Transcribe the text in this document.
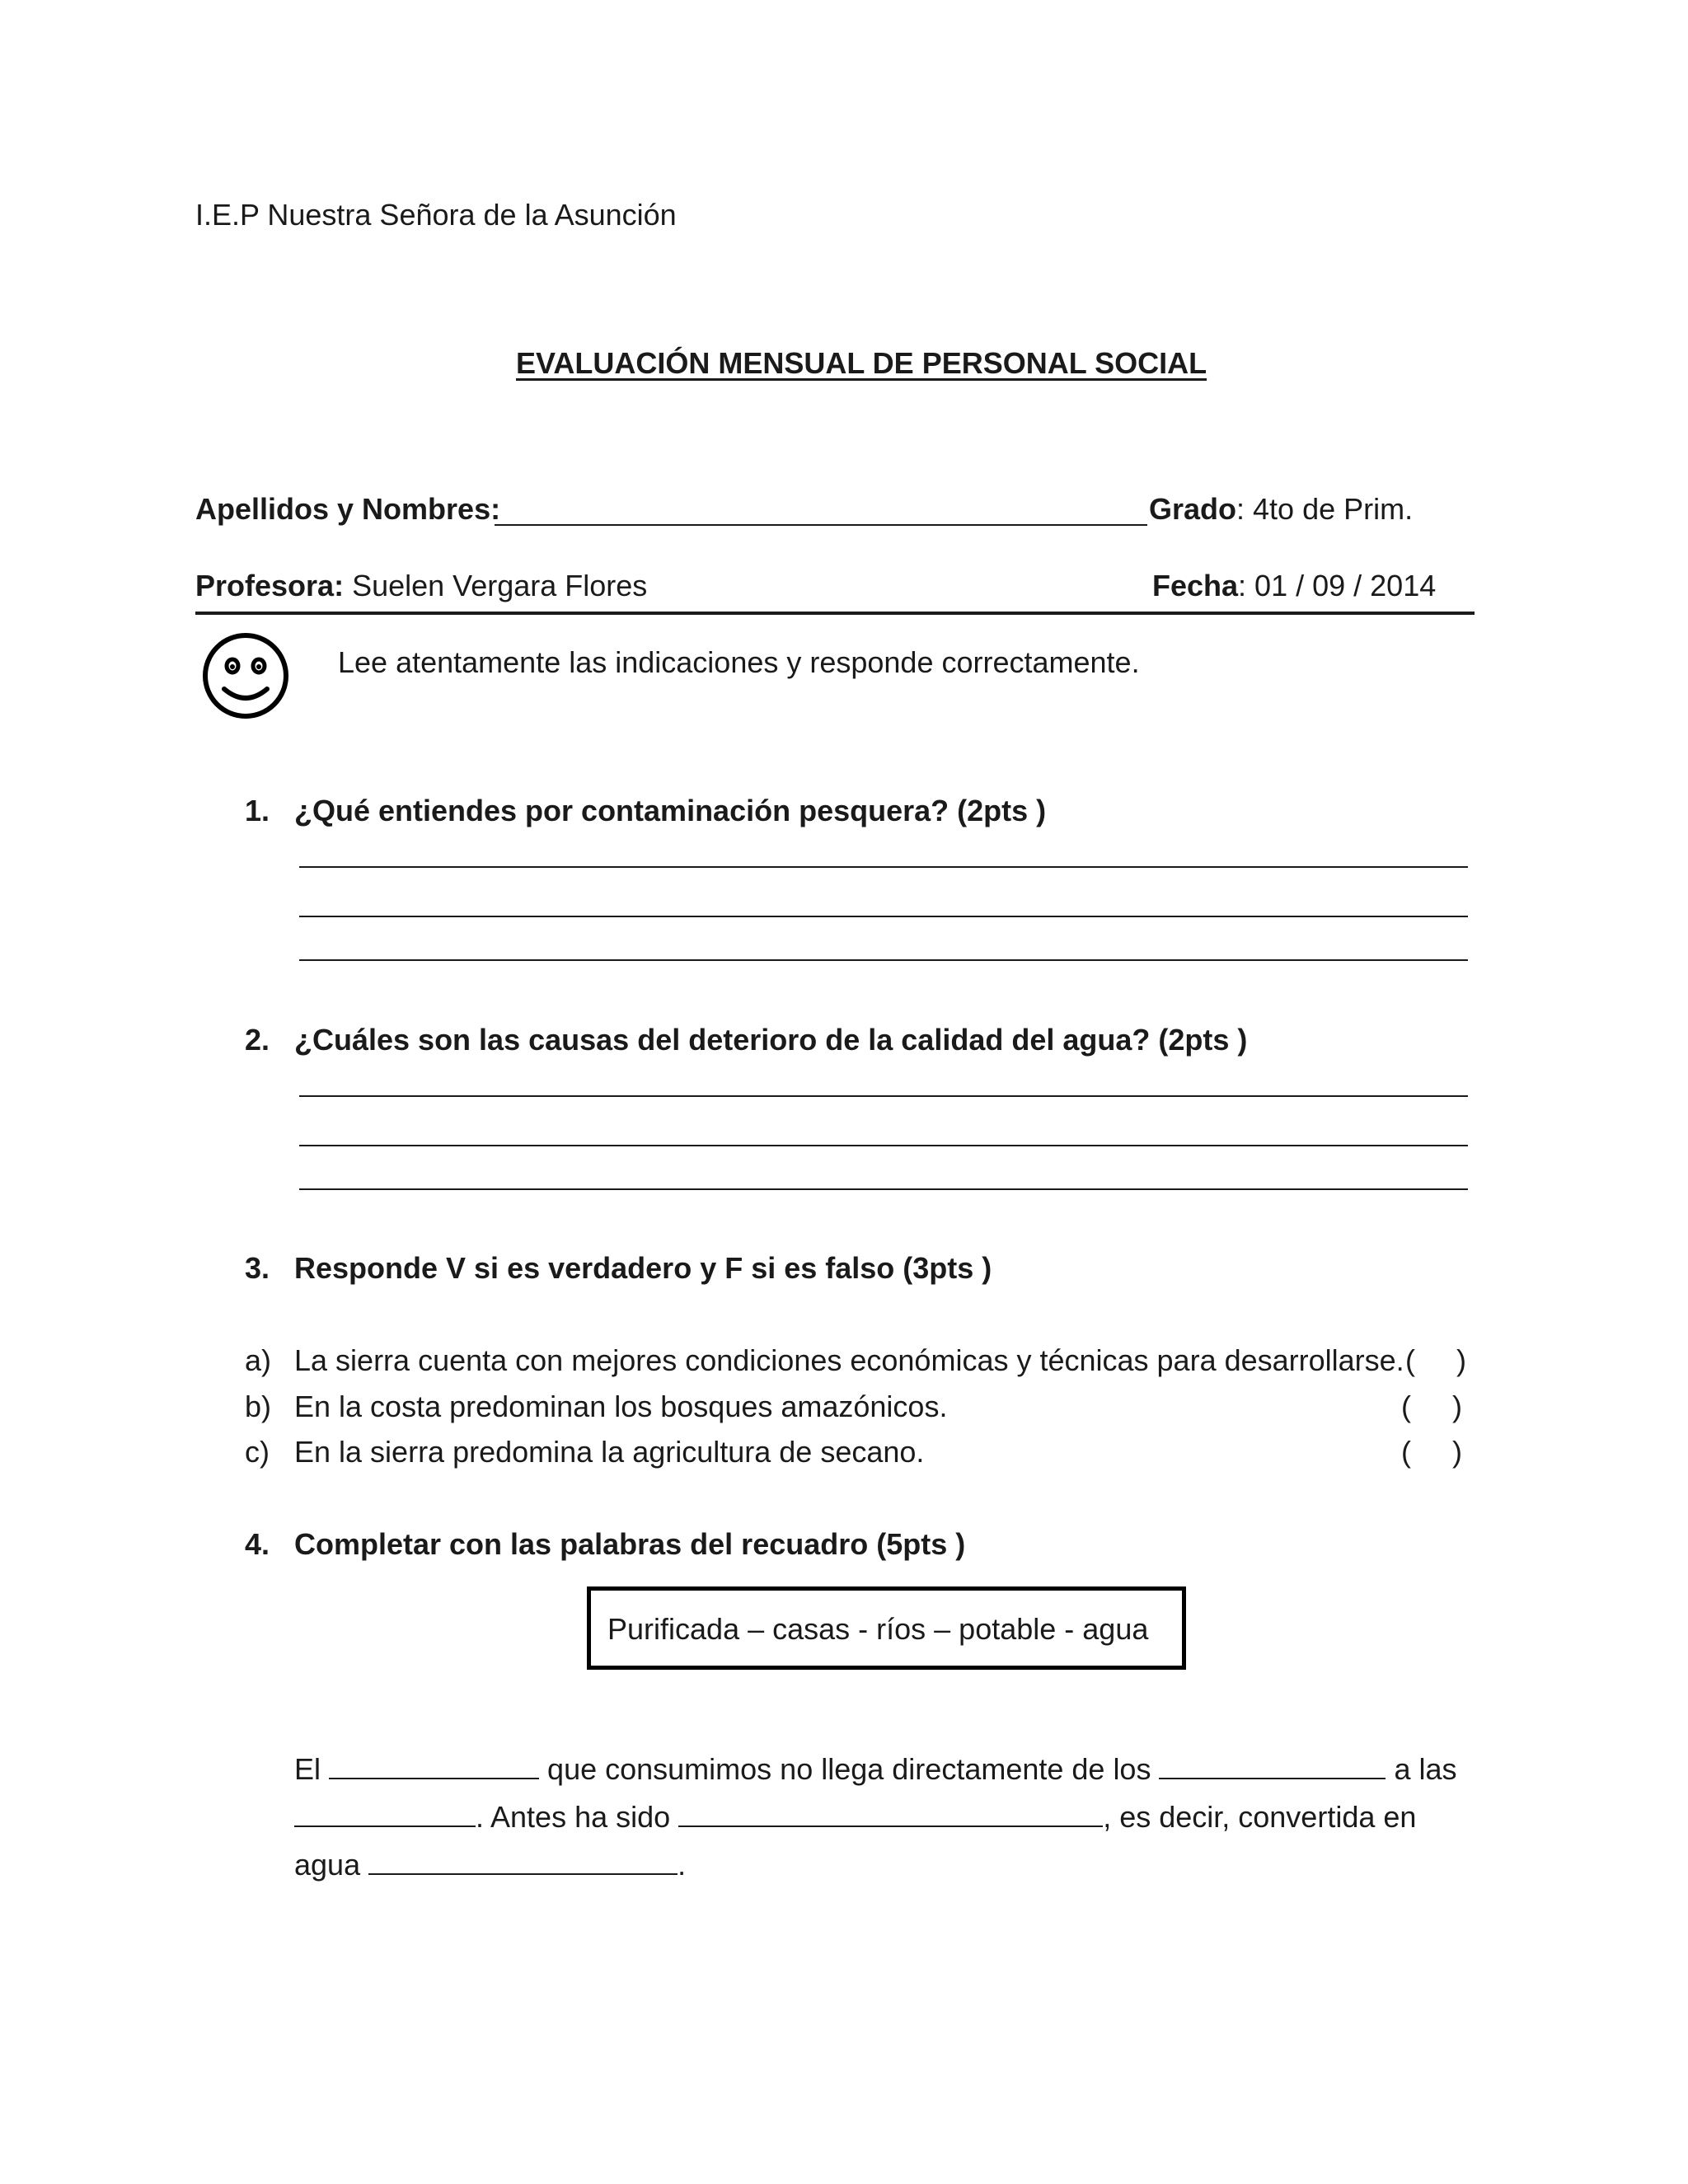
I.E.P Nuestra Señora de la Asunción
EVALUACIÓN MENSUAL DE PERSONAL SOCIAL
Apellidos y Nombres:	Grado: 4to de Prim.
Profesora: Suelen Vergara Flores	Fecha: 01 / 09 / 2014
Lee atentamente las indicaciones y responde correctamente.
1. ¿Qué entiendes por contaminación pesquera? (2pts )
2. ¿Cuáles son las causas del deterioro de la calidad del agua? (2pts )
3. Responde V si es verdadero y F si es falso (3pts )
a) La sierra cuenta con mejores condiciones económicas y técnicas para desarrollarse. (     )
b) En la costa predominan los bosques amazónicos.	(     )
c) En la sierra predomina la agricultura de secano.	(     )
4. Completar con las palabras del recuadro (5pts )
Purificada – casas - ríos – potable - agua
El	que consumimos no llega directamente de los	a las
. Antes ha sido	, es decir, convertida en
agua	.
